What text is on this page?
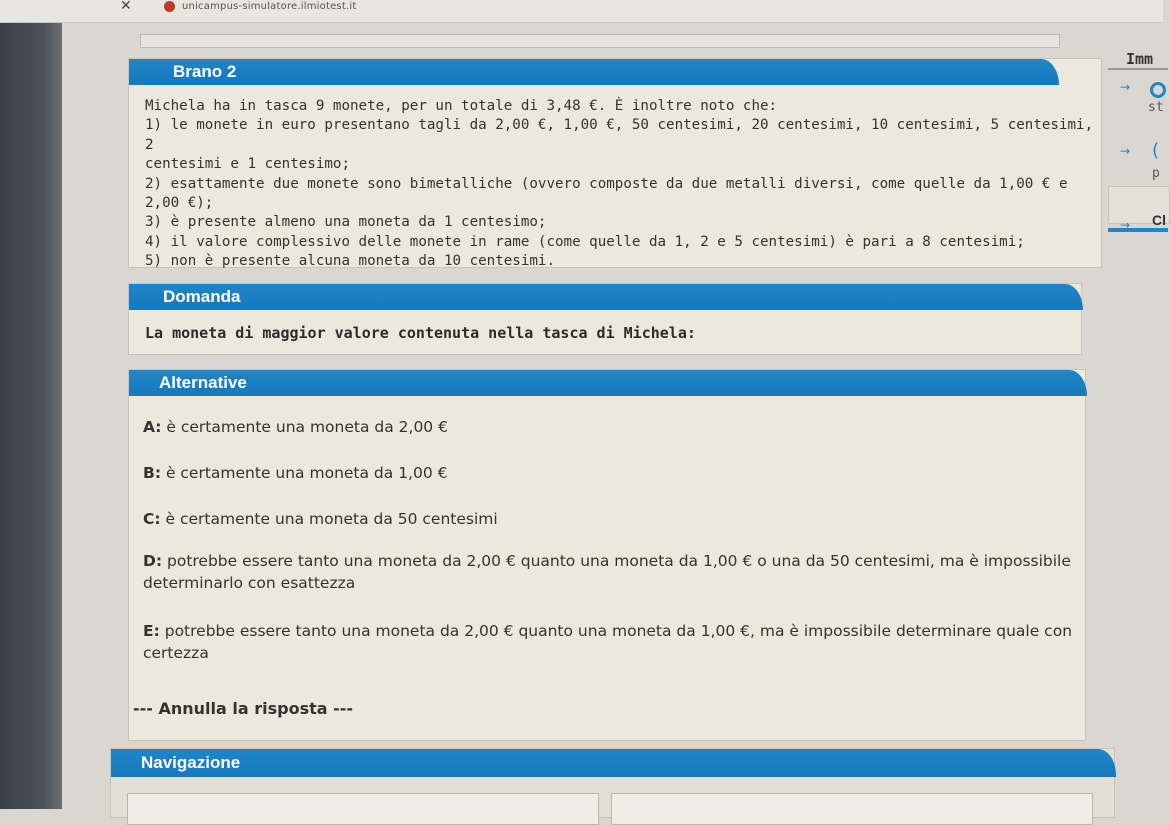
✕	unicampus-simulatore.ilmiotest.it
Brano 2

Michela ha in tasca 9 monete, per un totale di 3,48 €. È inoltre noto che:

1) le monete in euro presentano tagli da 2,00 €, 1,00 €, 50 centesimi, 20 centesimi, 10 centesimi, 5 centesimi, 2

centesimi e 1 centesimo;

2) esattamente due monete sono bimetalliche (ovvero composte da due metalli diversi, come quelle da 1,00 € e

2,00 €);

3) è presente almeno una moneta da 1 centesimo;

4) il valore complessivo delle monete in rame (come quelle da 1, 2 e 5 centesimi) è pari a 8 centesimi;

5) non è presente alcuna moneta da 10 centesimi.

Domanda
La moneta di maggior valore contenuta nella tasca di Michela:
Alternative
A: è certamente una moneta da 2,00 €
B: è certamente una moneta da 1,00 €
C: è certamente una moneta da 50 centesimi
D: potrebbe essere tanto una moneta da 2,00 € quanto una moneta da 1,00 € o una da 50 centesimi, ma è impossibile determinarlo con esattezza
E: potrebbe essere tanto una moneta da 2,00 € quanto una moneta da 1,00 €, ma è impossibile determinare quale con certezza
--- Annulla la risposta ---
Navigazione
Imm
→
st
→ (
p
→ Cl
